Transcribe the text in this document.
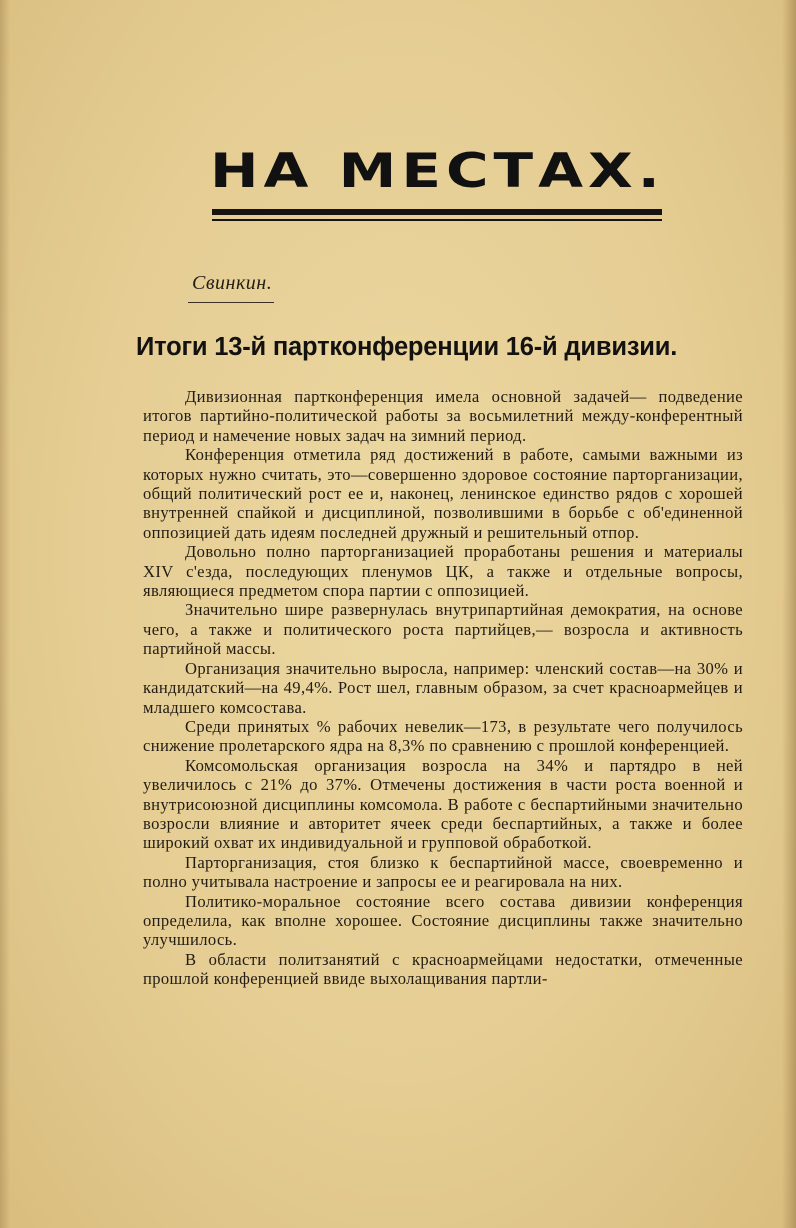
НА МЕСТАХ.
Свинкин.
Итоги 13-й партконференции 16-й дивизии.

Дивизионная партконференция имела основной задачей— подведение итогов партийно-политической работы за восьмилетний между-конферентный период и намечение новых задач на зимний период.

Конференция отметила ряд достижений в работе, самыми важными из которых нужно считать, это—совершенно здоровое состояние парторганизации, общий политический рост ее и, наконец, ленинское единство рядов с хорошей внутренней спайкой и дисциплиной, позволившими в борьбе с об'единенной оппозицией дать идеям последней дружный и решительный отпор.

Довольно полно парторганизацией проработаны решения и материалы XIV с'езда, последующих пленумов ЦК, а также и отдельные вопросы, являющиеся предметом спора партии с оппозицией.

Значительно шире развернулась внутрипартийная демократия, на основе чего, а также и политического роста партийцев,— возросла и активность партийной массы.

Организация значительно выросла, например: членский состав—на 30% и кандидатский—на 49,4%. Рост шел, главным образом, за счет красноармейцев и младшего комсостава.

Среди принятых % рабочих невелик—173, в результате чего получилось снижение пролетарского ядра на 8,3% по сравнению с прошлой конференцией.

Комсомольская организация возросла на 34% и партядро в ней увеличилось с 21% до 37%. Отмечены достижения в части роста военной и внутрисоюзной дисциплины комсомола. В работе с беспартийными значительно возросли влияние и авторитет ячеек среди беспартийных, а также и более широкий охват их индивидуальной и групповой обработкой.

Парторганизация, стоя близко к беспартийной массе, своевременно и полно учитывала настроение и запросы ее и реагировала на них.

Политико-моральное состояние всего состава дивизии конференция определила, как вполне хорошее. Состояние дисциплины также значительно улучшилось.

В области политзанятий с красноармейцами недостатки, отмеченные прошлой конференцией ввиде выхолащивания партли-
